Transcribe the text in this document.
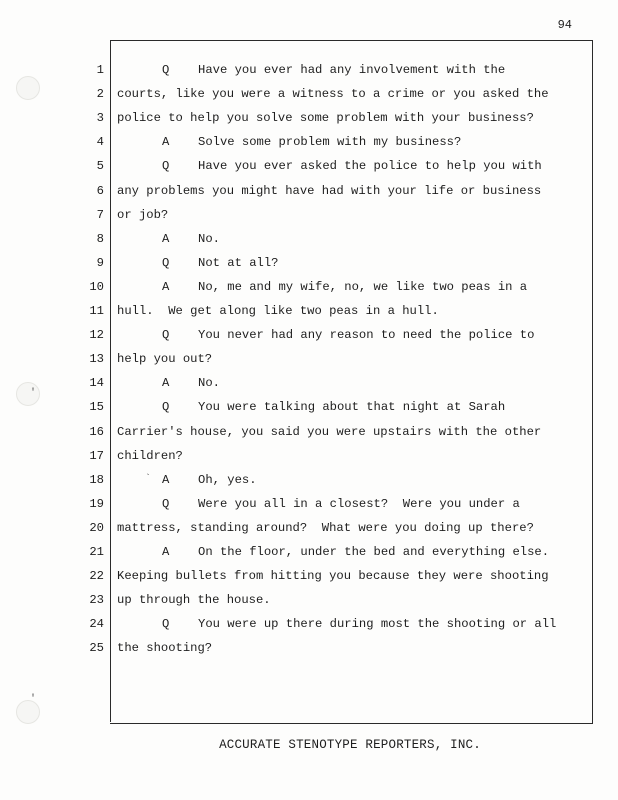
'
`
'
94
1	Q Have you ever had any involvement with the
2 courts, like you were a witness to a crime or you asked the
3 police to help you solve some problem with your business?
4	A Solve some problem with my business?
5	Q Have you ever asked the police to help you with
6 any problems you might have had with your life or business
7 or job?
8	A No.
9	Q Not at all?
10	A No, me and my wife, no, we like two peas in a
11 hull.  We get along like two peas in a hull.
12	Q You never had any reason to need the police to
13 help you out?
14	A No.
15	Q You were talking about that night at Sarah
16 Carrier's house, you said you were upstairs with the other
17 children?
18	A Oh, yes.
19	Q Were you all in a closest?  Were you under a
20 mattress, standing around?  What were you doing up there?
21	A On the floor, under the bed and everything else.
22 Keeping bullets from hitting you because they were shooting
23 up through the house.
24	Q You were up there during most the shooting or all
25 the shooting?
ACCURATE STENOTYPE REPORTERS, INC.
